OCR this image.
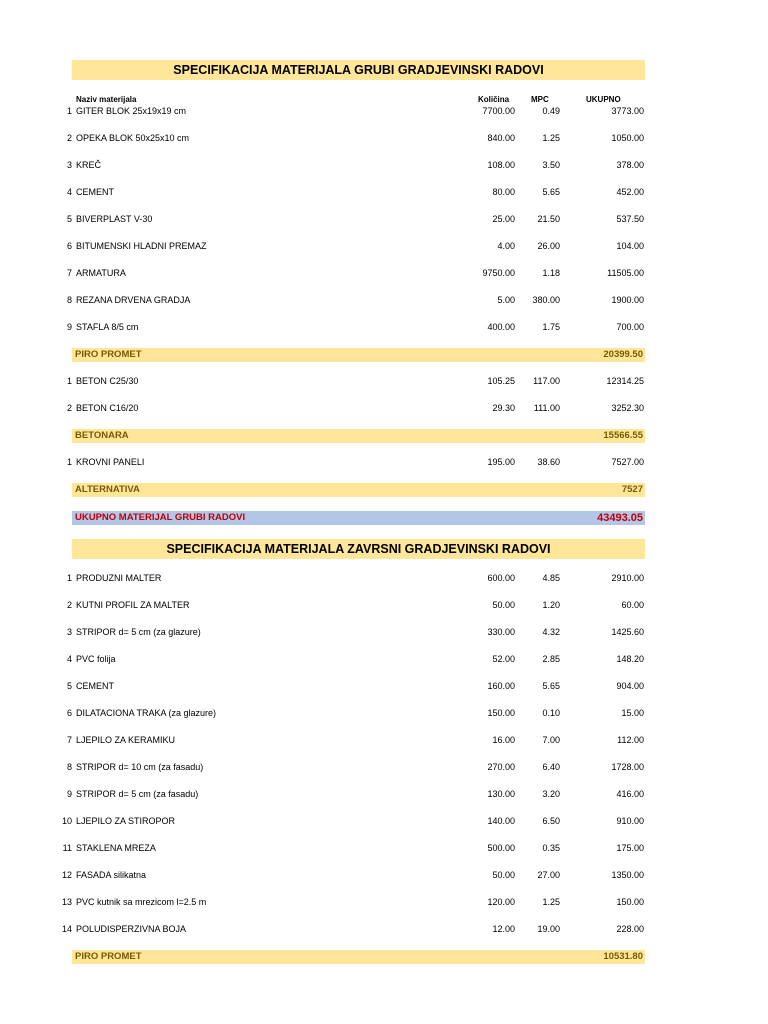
SPECIFIKACIJA MATERIJALA GRUBI GRADJEVINSKI RADOVI
Naziv materijala	Količina	MPC	UKUPNO
1 GITER BLOK 25x19x19 cm	7700.00	0.49	3773.00
2 OPEKA BLOK 50x25x10 cm	840.00	1.25	1050.00
3 KREČ	108.00	3.50	378.00
4 CEMENT	80.00	5.65	452.00
5 BIVERPLAST V-30	25.00 21.50	537.50
6 BITUMENSKI HLADNI PREMAZ	4.00 26.00	104.00
7 ARMATURA	9750.00	1.18	11505.00
8 REZANA DRVENA GRADJA	5.00 380.00	1900.00
9 STAFLA 8/5 cm	400.00	1.75	700.00
PIRO PROMET	20399.50
1 BETON C25/30	105.25 117.00	12314.25
2 BETON C16/20	29.30 111.00	3252.30
BETONARA	15566.55
1 KROVNI PANELI	195.00 38.60	7527.00
ALTERNATIVA	7527
UKUPNO MATERIJAL GRUBI RADOVI	43493.05
SPECIFIKACIJA MATERIJALA ZAVRSNI GRADJEVINSKI RADOVI
1 PRODUZNI MALTER	600.00	4.85	2910.00
2 KUTNI PROFIL ZA MALTER	50.00	1.20	60.00
3 STRIPOR d= 5 cm (za glazure)	330.00	4.32	1425.60
4 PVC folija	52.00	2.85	148.20
5 CEMENT	160.00	5.65	904.00
6 DILATACIONA TRAKA (za glazure)	150.00	0.10	15.00
7 LJEPILO ZA KERAMIKU	16.00	7.00	112.00
8 STRIPOR d= 10 cm (za fasadu)	270.00	6.40	1728.00
9 STRIPOR d= 5 cm (za fasadu)	130.00	3.20	416.00
10 LJEPILO ZA STIROPOR	140.00	6.50	910.00
11 STAKLENA MREZA	500.00	0.35	175.00
12 FASADA silikatna	50.00 27.00	1350.00
13 PVC kutnik sa mrezicom l=2.5 m	120.00	1.25	150.00
14 POLUDISPERZIVNA BOJA	12.00 19.00	228.00
PIRO PROMET	10531.80
